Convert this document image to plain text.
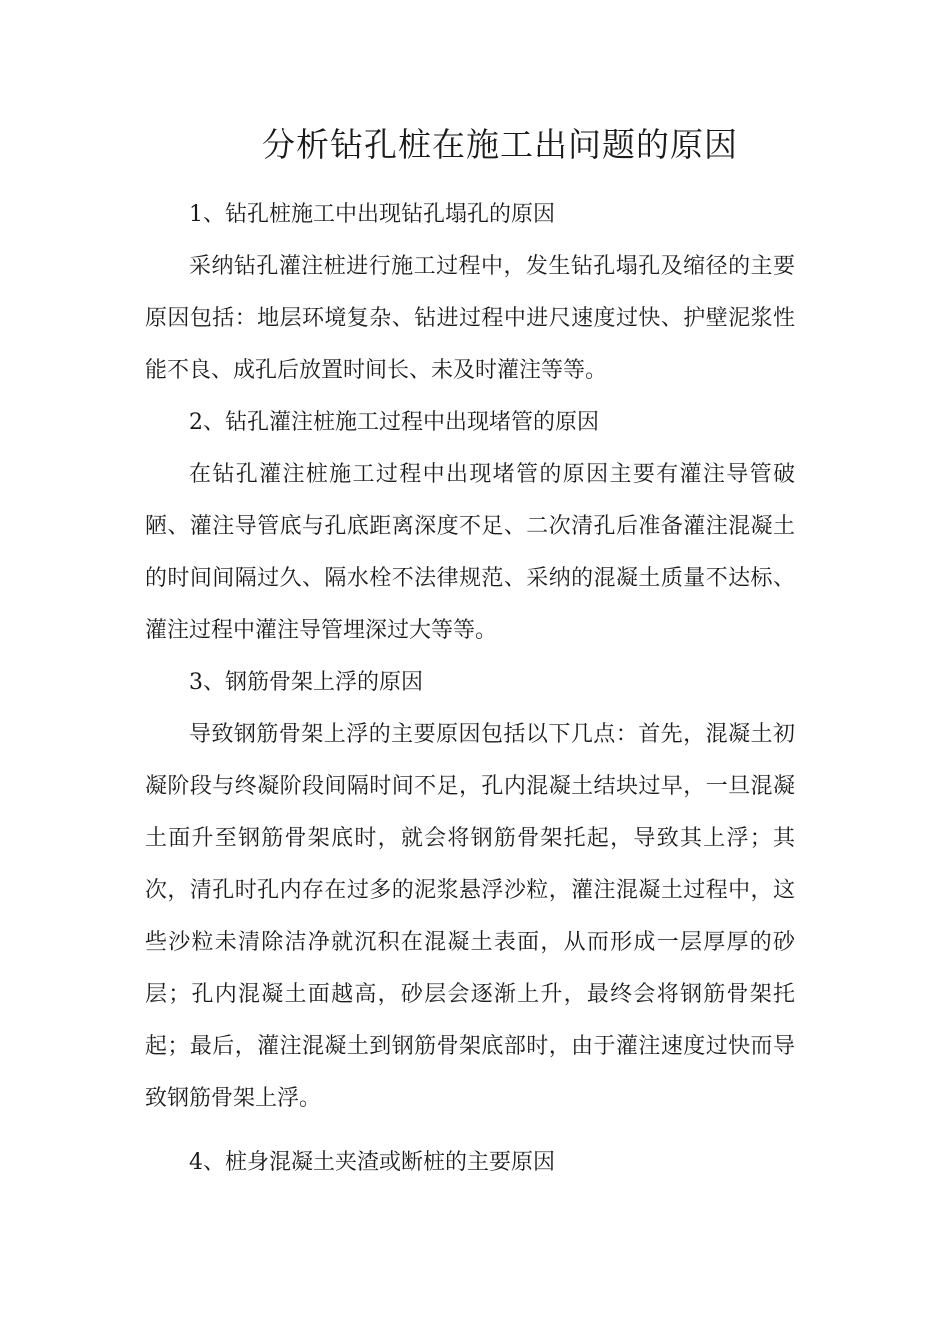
分析钻孔桩在施工出问题的原因

1、钻孔桩施工中出现钻孔塌孔的原因

采纳钻孔灌注桩进行施工过程中，发生钻孔塌孔及缩径的主要原因包括：地层环境复杂、钻进过程中进尺速度过快、护壁泥浆性能不良、成孔后放置时间长、未及时灌注等等。

2、钻孔灌注桩施工过程中出现堵管的原因

在钻孔灌注桩施工过程中出现堵管的原因主要有灌注导管破陋、灌注导管底与孔底距离深度不足、二次清孔后准备灌注混凝土的时间间隔过久、隔水栓不法律规范、采纳的混凝土质量不达标、灌注过程中灌注导管埋深过大等等。

3、钢筋骨架上浮的原因

导致钢筋骨架上浮的主要原因包括以下几点：首先，混凝土初凝阶段与终凝阶段间隔时间不足，孔内混凝土结块过早，一旦混凝土面升至钢筋骨架底时，就会将钢筋骨架托起，导致其上浮；其次，清孔时孔内存在过多的泥浆悬浮沙粒，灌注混凝土过程中，这些沙粒未清除洁净就沉积在混凝土表面，从而形成一层厚厚的砂层；孔内混凝土面越高，砂层会逐渐上升，最终会将钢筋骨架托起；最后，灌注混凝土到钢筋骨架底部时，由于灌注速度过快而导致钢筋骨架上浮。

4、桩身混凝土夹渣或断桩的主要原因
